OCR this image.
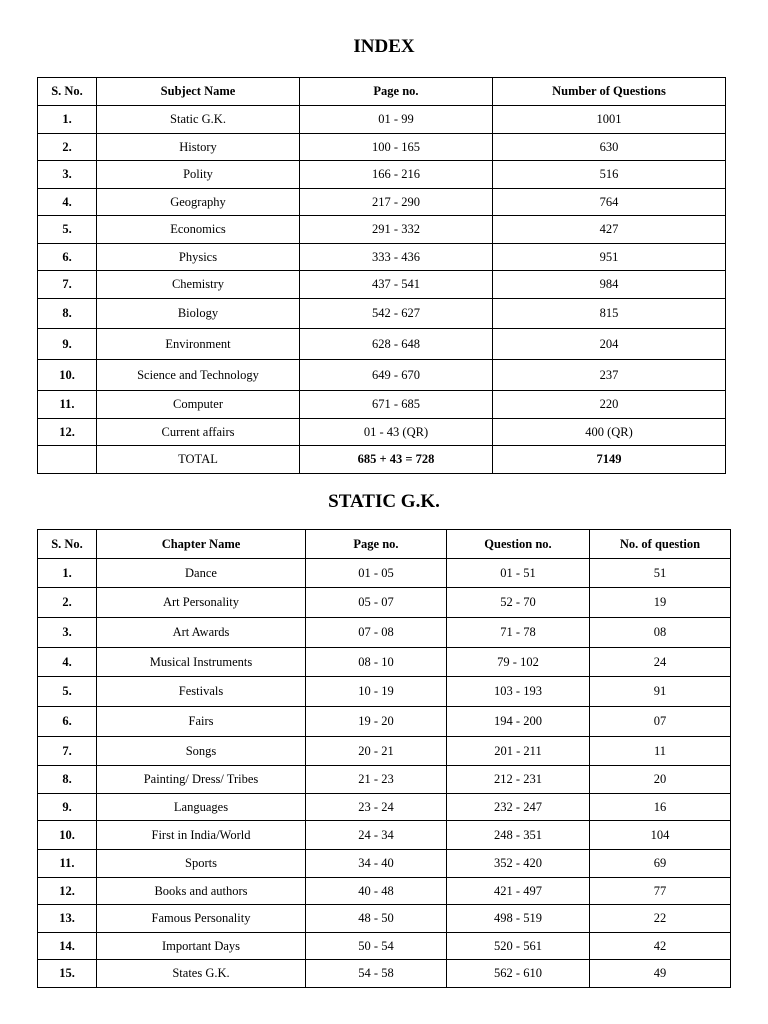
INDEX
S. No.	Subject Name	Page no.	Number of Questions
1.	Static G.K.	01 - 99	1001
2.	History	100 - 165	630
3.	Polity	166 - 216	516
4.	Geography	217 - 290	764
5.	Economics	291 - 332	427
6.	Physics	333 - 436	951
7.	Chemistry	437 - 541	984
8.	Biology	542 - 627	815
9.	Environment	628 - 648	204
10.	Science and Technology	649 - 670	237
11.	Computer	671 - 685	220
12.	Current affairs	01 - 43 (QR)	400 (QR)
	TOTAL	685 + 43 = 728	7149
STATIC G.K.
S. No.	Chapter Name	Page no.	Question no.	No. of question
1.	Dance	01 - 05	01 - 51	51
2.	Art Personality	05 - 07	52 - 70	19
3.	Art Awards	07 - 08	71 - 78	08
4.	Musical Instruments	08 - 10	79 - 102	24
5.	Festivals	10 - 19	103 - 193	91
6.	Fairs	19 - 20	194 - 200	07
7.	Songs	20 - 21	201 - 211	11
8.	Painting/ Dress/ Tribes	21 - 23	212 - 231	20
9.	Languages	23 - 24	232 - 247	16
10.	First in India/World	24 - 34	248 - 351	104
11.	Sports	34 - 40	352 - 420	69
12.	Books and authors	40 - 48	421 - 497	77
13.	Famous Personality	48 - 50	498 - 519	22
14.	Important Days	50 - 54	520 - 561	42
15.	States G.K.	54 - 58	562 - 610	49
